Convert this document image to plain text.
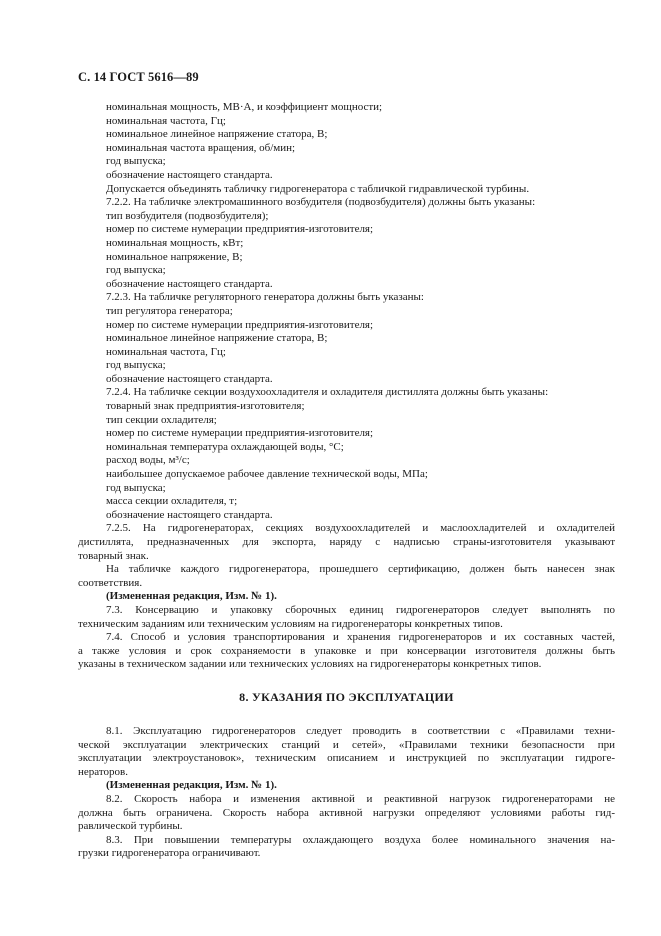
С. 14 ГОСТ 5616—89
номинальная мощность, МВ·А, и коэффициент мощности;
номинальная частота, Гц;
номинальное линейное напряжение статора, В;
номинальная частота вращения, об/мин;
год выпуска;
обозначение настоящего стандарта.
Допускается объединять табличку гидрогенератора с табличкой гидравлической турбины.
7.2.2. На табличке электромашинного возбудителя (подвозбудителя) должны быть указаны:
тип возбудителя (подвозбудителя);
номер по системе нумерации предприятия-изготовителя;
номинальная мощность, кВт;
номинальное напряжение, В;
год выпуска;
обозначение настоящего стандарта.
7.2.3. На табличке регуляторного генератора должны быть указаны:
тип регулятора генератора;
номер по системе нумерации предприятия-изготовителя;
номинальное линейное напряжение статора, В;
номинальная частота, Гц;
год выпуска;
обозначение настоящего стандарта.
7.2.4. На табличке секции воздухоохладителя и охладителя дистиллята должны быть указаны:
товарный знак предприятия-изготовителя;
тип секции охладителя;
номер по системе нумерации предприятия-изготовителя;
номинальная температура охлаждающей воды, °С;
расход воды, м³/с;
наибольшее допускаемое рабочее давление технической воды, МПа;
год выпуска;
масса секции охладителя, т;
обозначение настоящего стандарта.
7.2.5. На гидрогенераторах, секциях воздухоохладителей и маслоохладителей и охладителей
дистиллята, предназначенных для экспорта, наряду с надписью страны-изготовителя указывают
товарный знак.
На табличке каждого гидрогенератора, прошедшего сертификацию, должен быть нанесен знак
соответствия.
(Измененная редакция, Изм. № 1).
7.3. Консервацию и упаковку сборочных единиц гидрогенераторов следует выполнять по
техническим заданиям или техническим условиям на гидрогенераторы конкретных типов.
7.4. Способ и условия транспортирования и хранения гидрогенераторов и их составных частей,
а также условия и срок сохраняемости в упаковке и при консервации изготовителя должны быть
указаны в техническом задании или технических условиях на гидрогенераторы конкретных типов.
8. УКАЗАНИЯ ПО ЭКСПЛУАТАЦИИ
8.1. Эксплуатацию гидрогенераторов следует проводить в соответствии с «Правилами техни-
ческой эксплуатации электрических станций и сетей», «Правилами техники безопасности при
эксплуатации электроустановок», техническим описанием и инструкцией по эксплуатации гидроге-
нераторов.
(Измененная редакция, Изм. № 1).
8.2. Скорость набора и изменения активной и реактивной нагрузок гидрогенераторами не
должна быть ограничена. Скорость набора активной нагрузки определяют условиями работы гид-
равлической турбины.
8.3. При повышении температуры охлаждающего воздуха более номинального значения на-
грузки гидрогенератора ограничивают.
